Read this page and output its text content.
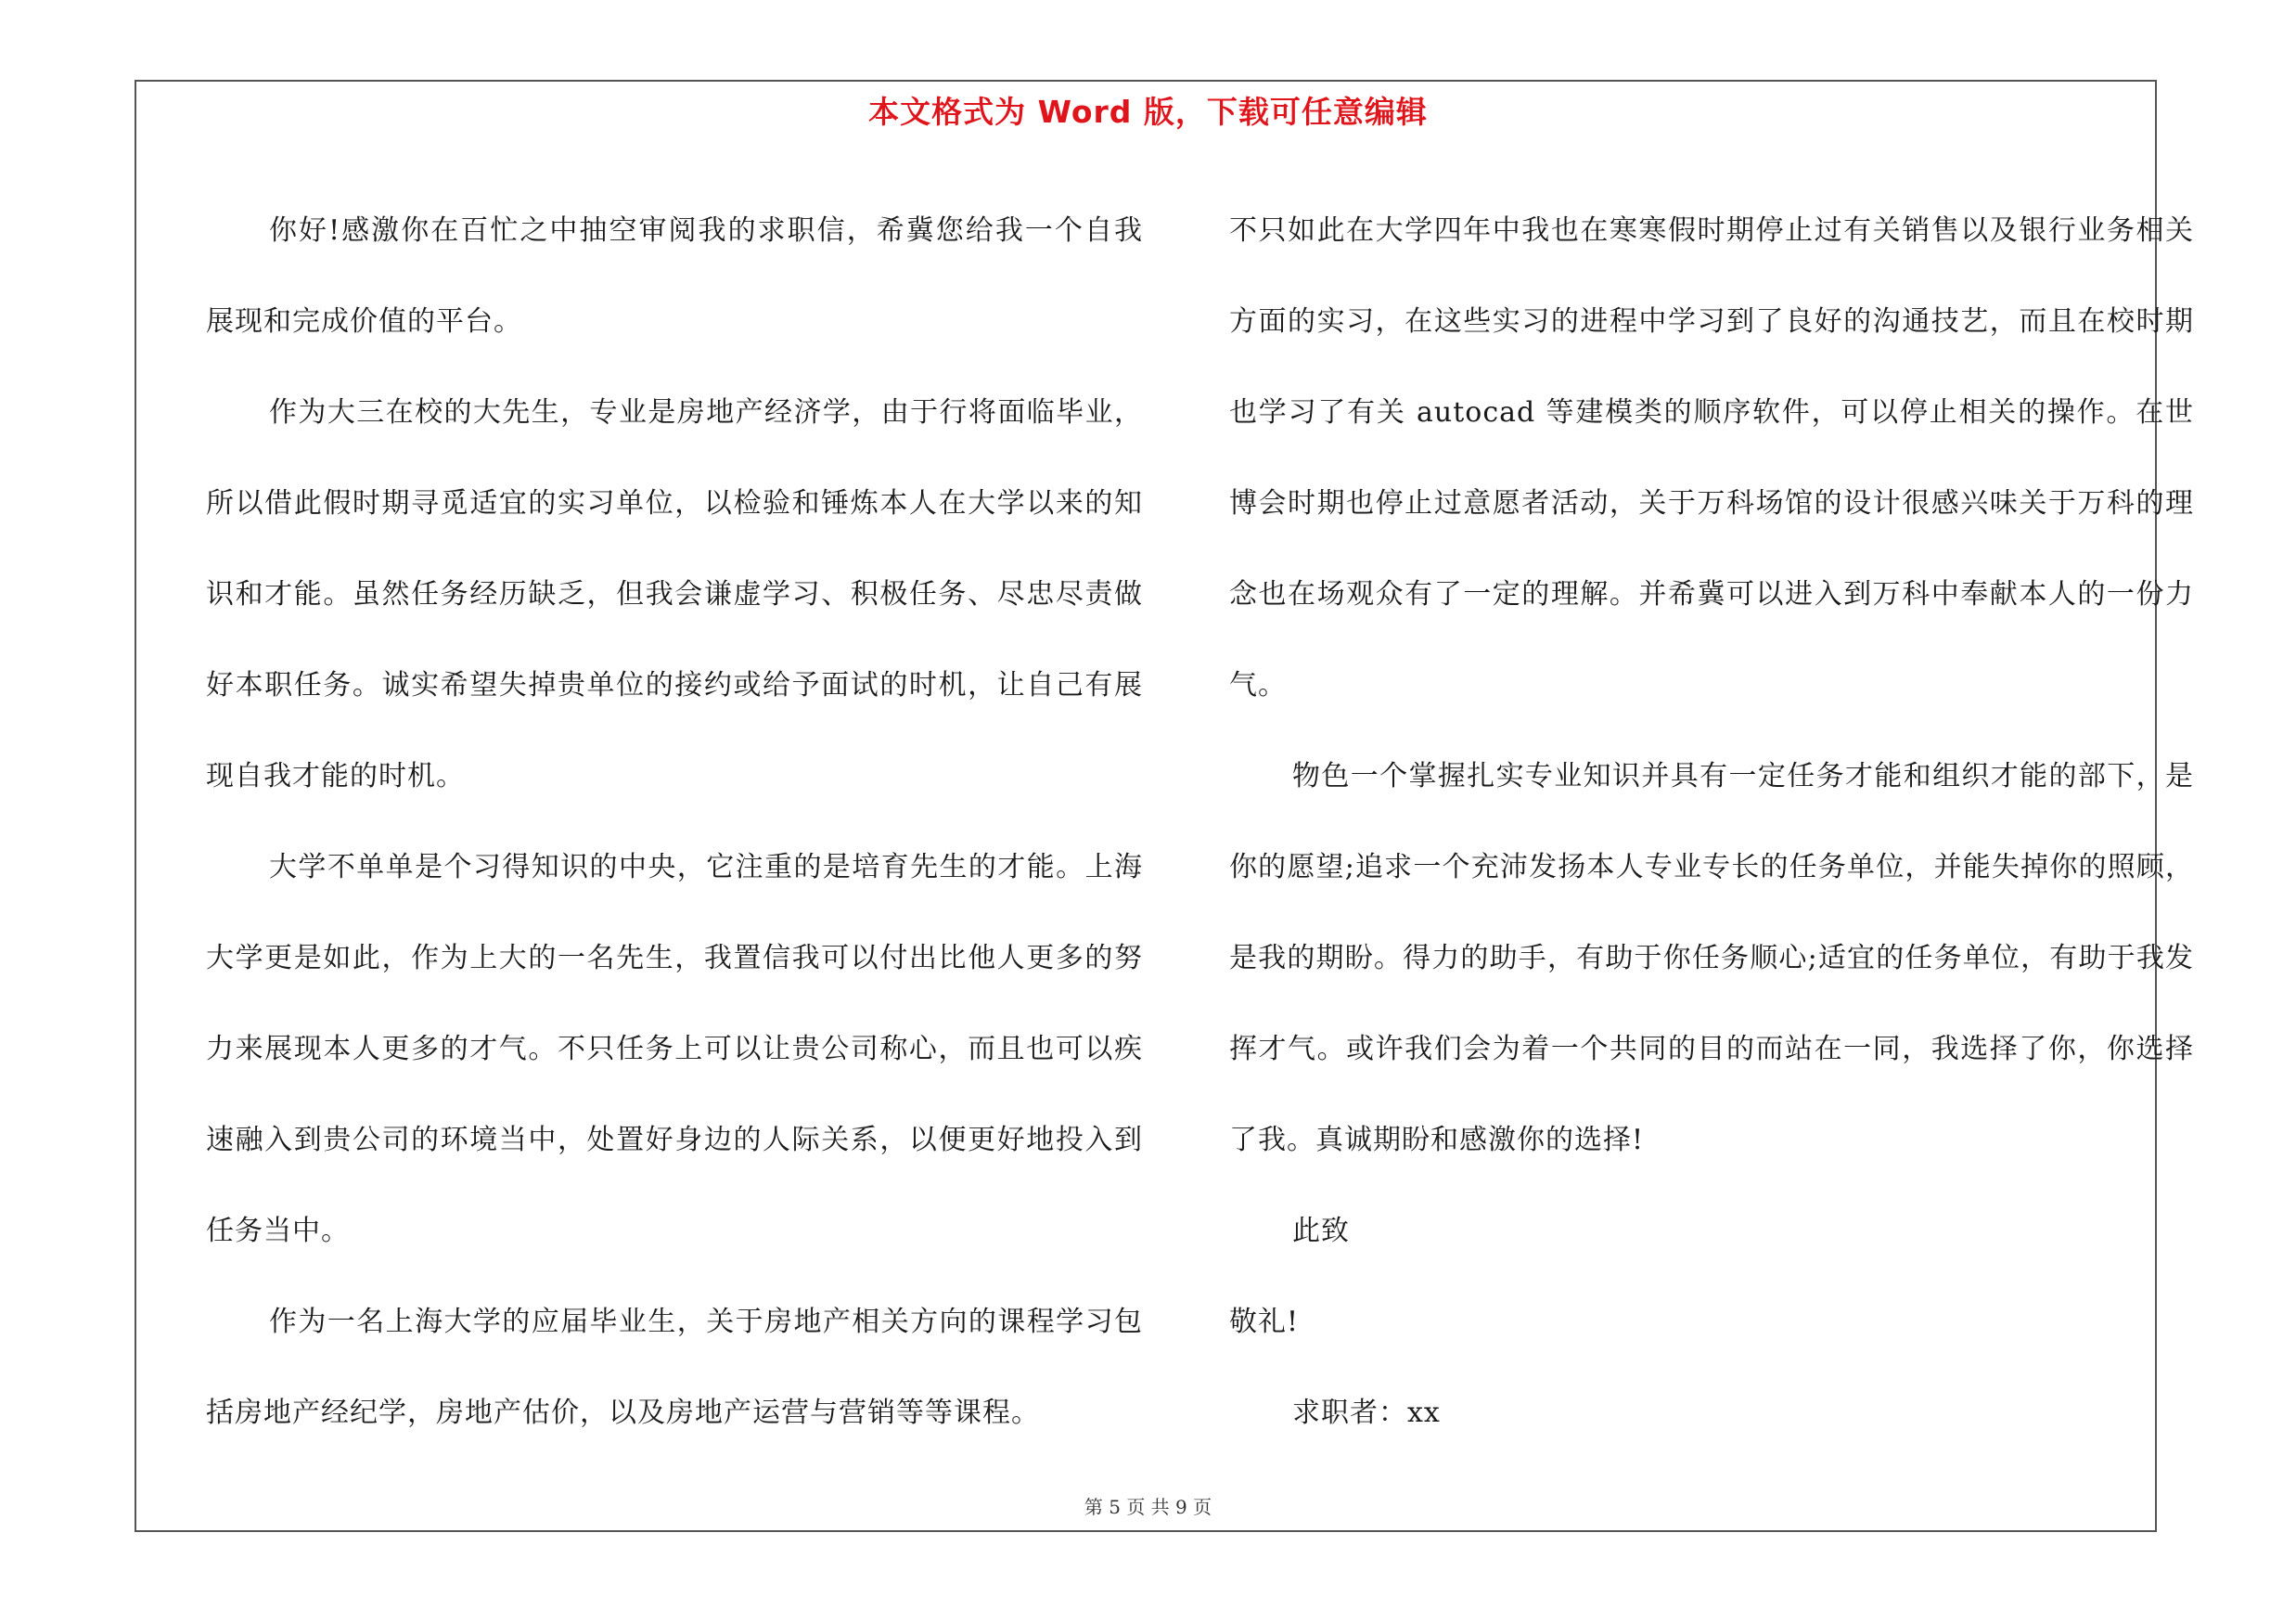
本文格式为 Word 版，下载可任意编辑

你好!感激你在百忙之中抽空审阅我的求职信，希冀您给我一个自我展现和完成价值的平台。

作为大三在校的大先生，专业是房地产经济学，由于行将面临毕业，所以借此假时期寻觅适宜的实习单位，以检验和锤炼本人在大学以来的知识和才能。虽然任务经历缺乏，但我会谦虚学习、积极任务、尽忠尽责做好本职任务。诚实希望失掉贵单位的接约或给予面试的时机，让自己有展现自我才能的时机。

大学不单单是个习得知识的中央，它注重的是培育先生的才能。上海大学更是如此，作为上大的一名先生，我置信我可以付出比他人更多的努力来展现本人更多的才气。不只任务上可以让贵公司称心，而且也可以疾速融入到贵公司的环境当中，处置好身边的人际关系，以便更好地投入到任务当中。

作为一名上海大学的应届毕业生，关于房地产相关方向的课程学习包括房地产经纪学，房地产估价，以及房地产运营与营销等等课程。

不只如此在大学四年中我也在寒寒假时期停止过有关销售以及银行业务相关方面的实习，在这些实习的进程中学习到了良好的沟通技艺，而且在校时期也学习了有关 autocad 等建模类的顺序软件，可以停止相关的操作。在世博会时期也停止过意愿者活动，关于万科场馆的设计很感兴味关于万科的理念也在场观众有了一定的理解。并希冀可以进入到万科中奉献本人的一份力气。

物色一个掌握扎实专业知识并具有一定任务才能和组织才能的部下，是你的愿望;追求一个充沛发扬本人专业专长的任务单位，并能失掉你的照顾，是我的期盼。得力的助手，有助于你任务顺心;适宜的任务单位，有助于我发挥才气。或许我们会为着一个共同的目的而站在一同，我选择了你，你选择了我。真诚期盼和感激你的选择!

此致

敬礼!

求职者：xx

第 5 页 共 9 页
